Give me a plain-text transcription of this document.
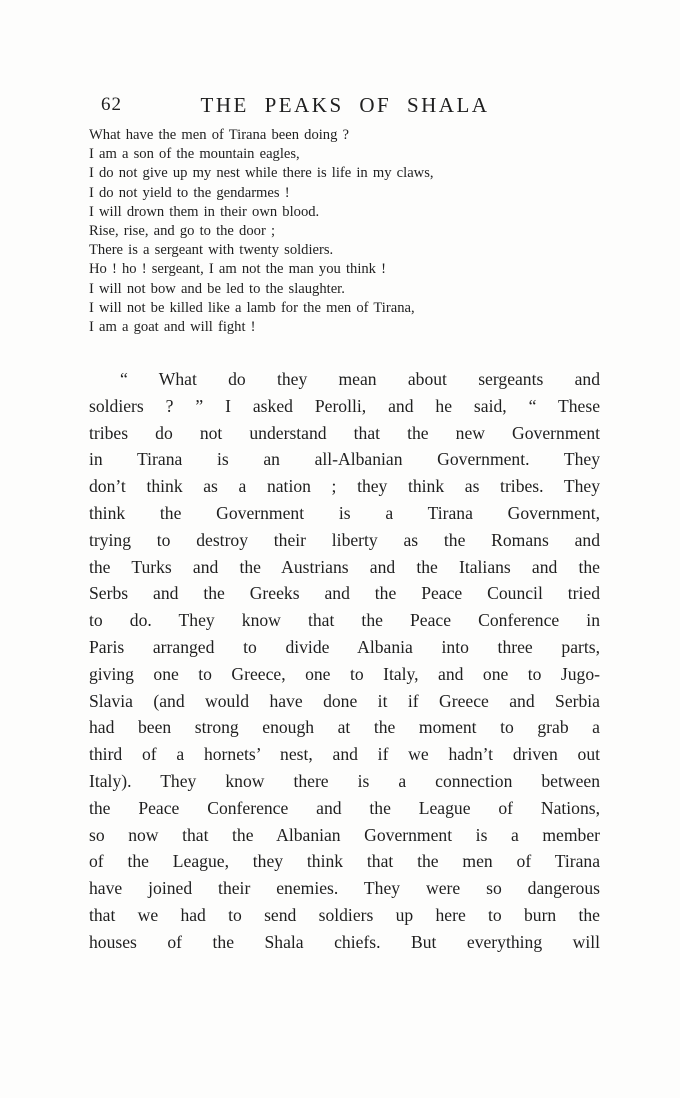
62	THE PEAKS OF SHALA
What have the men of Tirana been doing ?
I am a son of the mountain eagles,
I do not give up my nest while there is life in my claws,
I do not yield to the gendarmes !
I will drown them in their own blood.
Rise, rise, and go to the door ;
There is a sergeant with twenty soldiers.
Ho ! ho ! sergeant, I am not the man you think !
I will not bow and be led to the slaughter.
I will not be killed like a lamb for the men of Tirana,
I am a goat and will fight !
“ What do they mean about sergeants and
soldiers ? ” I asked Perolli, and he said, “ These
tribes do not understand that the new Government
in Tirana is an all-Albanian Government. They
don’t think as a nation ; they think as tribes. They
think the Government is a Tirana Government,
trying to destroy their liberty as the Romans and
the Turks and the Austrians and the Italians and the
Serbs and the Greeks and the Peace Council tried
to do. They know that the Peace Conference in
Paris arranged to divide Albania into three parts,
giving one to Greece, one to Italy, and one to Jugo-
Slavia (and would have done it if Greece and Serbia
had been strong enough at the moment to grab a
third of a hornets’ nest, and if we hadn’t driven out
Italy). They know there is a connection between
the Peace Conference and the League of Nations,
so now that the Albanian Government is a member
of the League, they think that the men of Tirana
have joined their enemies. They were so dangerous
that we had to send soldiers up here to burn the
houses of the Shala chiefs. But everything will
